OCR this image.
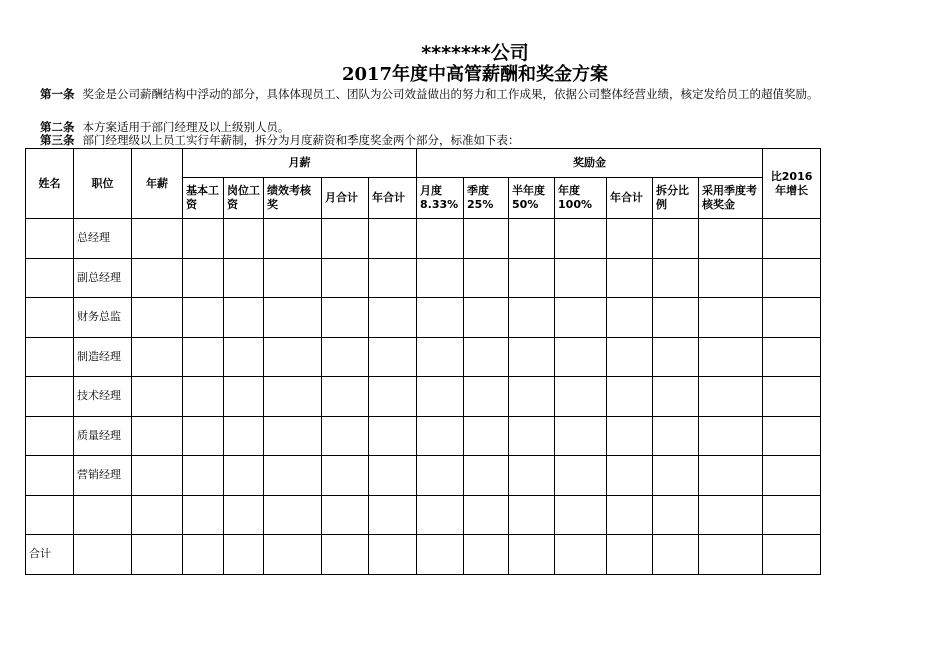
*******公司
2017年度中高管薪酬和奖金方案
第一条 奖金是公司薪酬结构中浮动的部分，具体体现员工、团队为公司效益做出的努力和工作成果，依据公司整体经营业绩，核定发给员工的超值奖励。
第二条 本方案适用于部门经理及以上级别人员。
第三条 部门经理级以上员工实行年薪制，拆分为月度薪资和季度奖金两个部分，标准如下表：
姓名	职位	年薪	月薪					奖励金							比2016年增长
			基本工资	岗位工资	绩效考核奖	月合计	年合计	月度8.33%	季度25%	半年度50%	年度100%	年合计	拆分比例	采用季度考核奖金	
	总经理														
	副总经理														
	财务总监														
	制造经理														
	技术经理														
	质量经理														
	营销经理														

合计															
